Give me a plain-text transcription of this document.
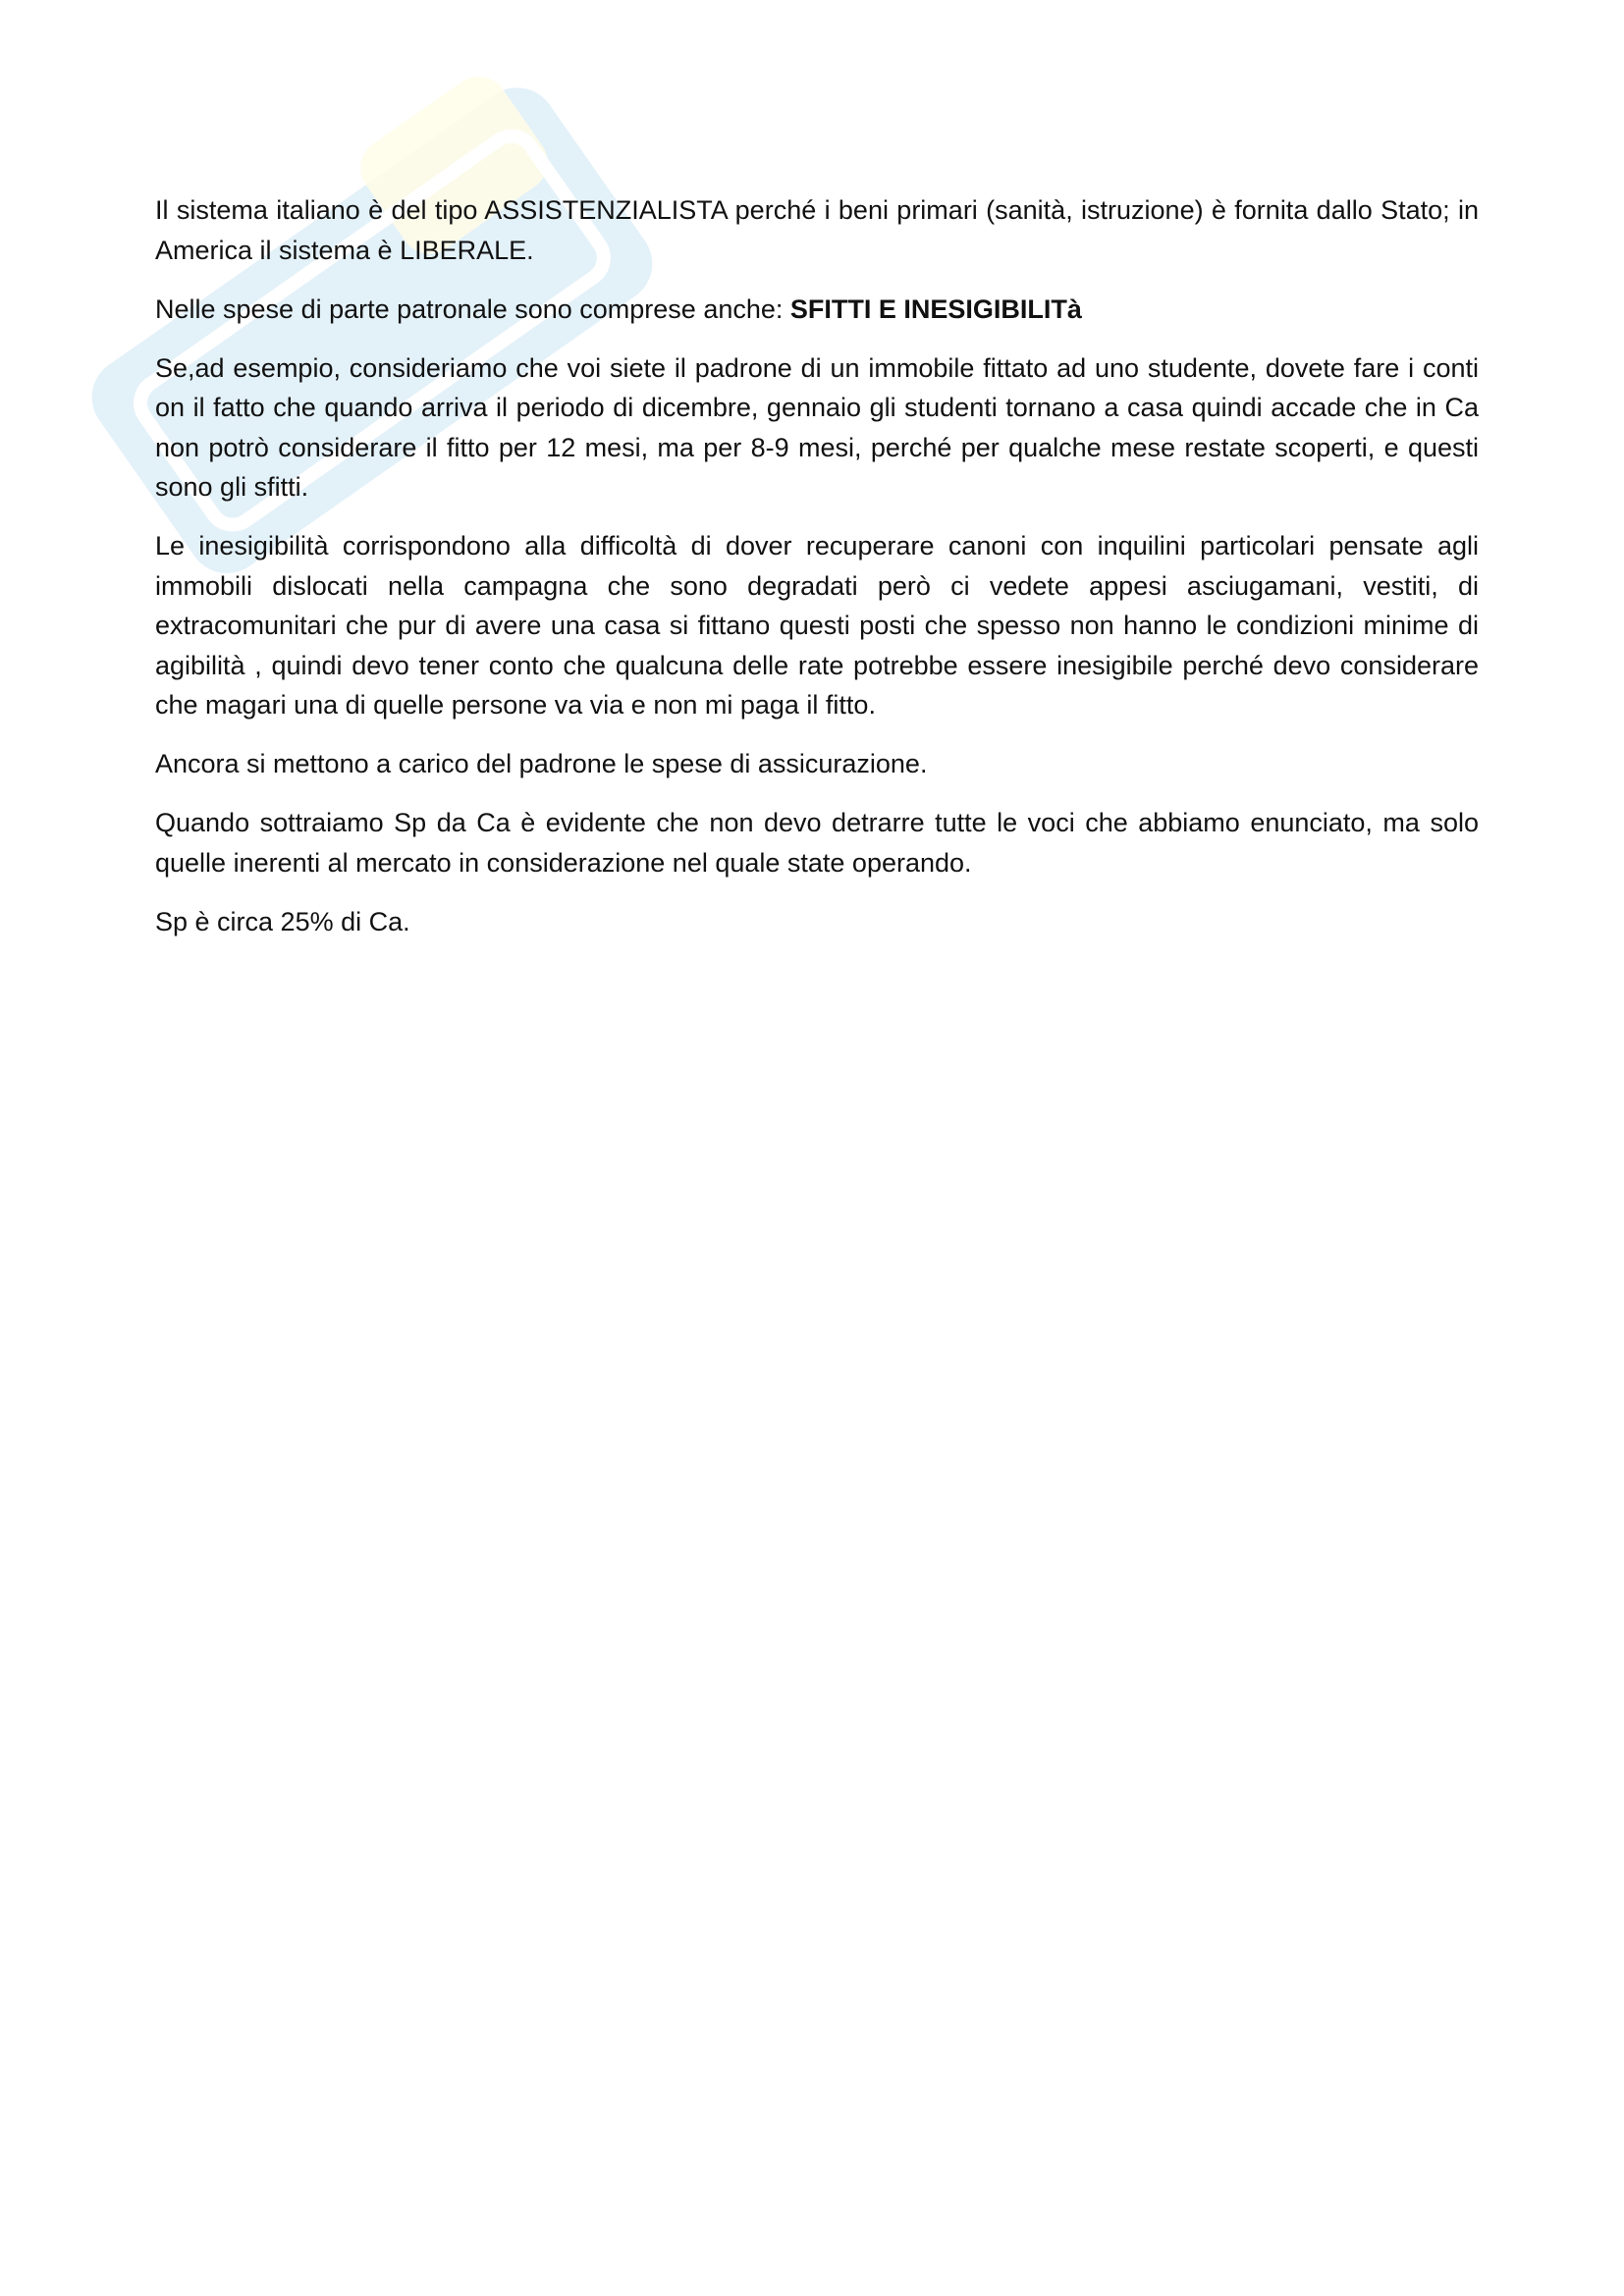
Il sistema italiano è del tipo ASSISTENZIALISTA perché i beni primari (sanità, istruzione) è fornita dallo Stato; in America il sistema è LIBERALE.

Nelle spese di parte patronale sono comprese anche: SFITTI E INESIGIBILITà

Se,ad esempio, consideriamo che voi siete il padrone di un immobile fittato ad uno studente, dovete fare i conti on il fatto che quando arriva il periodo di dicembre, gennaio gli studenti tornano a casa quindi accade che in Ca non potrò considerare il fitto per 12 mesi, ma per 8-9 mesi, perché per qualche mese restate scoperti, e questi sono gli sfitti.

Le inesigibilità corrispondono alla difficoltà di dover recuperare canoni con inquilini particolari pensate agli immobili dislocati nella campagna che sono degradati però ci vedete appesi asciugamani, vestiti, di extracomunitari che pur di avere una casa si fittano questi posti che spesso non hanno le condizioni minime di agibilità , quindi devo tener conto che qualcuna delle rate potrebbe essere inesigibile perché devo considerare che magari una di quelle persone va via e non mi paga il fitto.

Ancora si mettono a carico del padrone le spese di assicurazione.

Quando sottraiamo Sp da Ca è evidente che non devo detrarre tutte le voci che abbiamo enunciato, ma solo quelle inerenti al mercato in considerazione nel quale state operando.

Sp è circa 25% di Ca.
